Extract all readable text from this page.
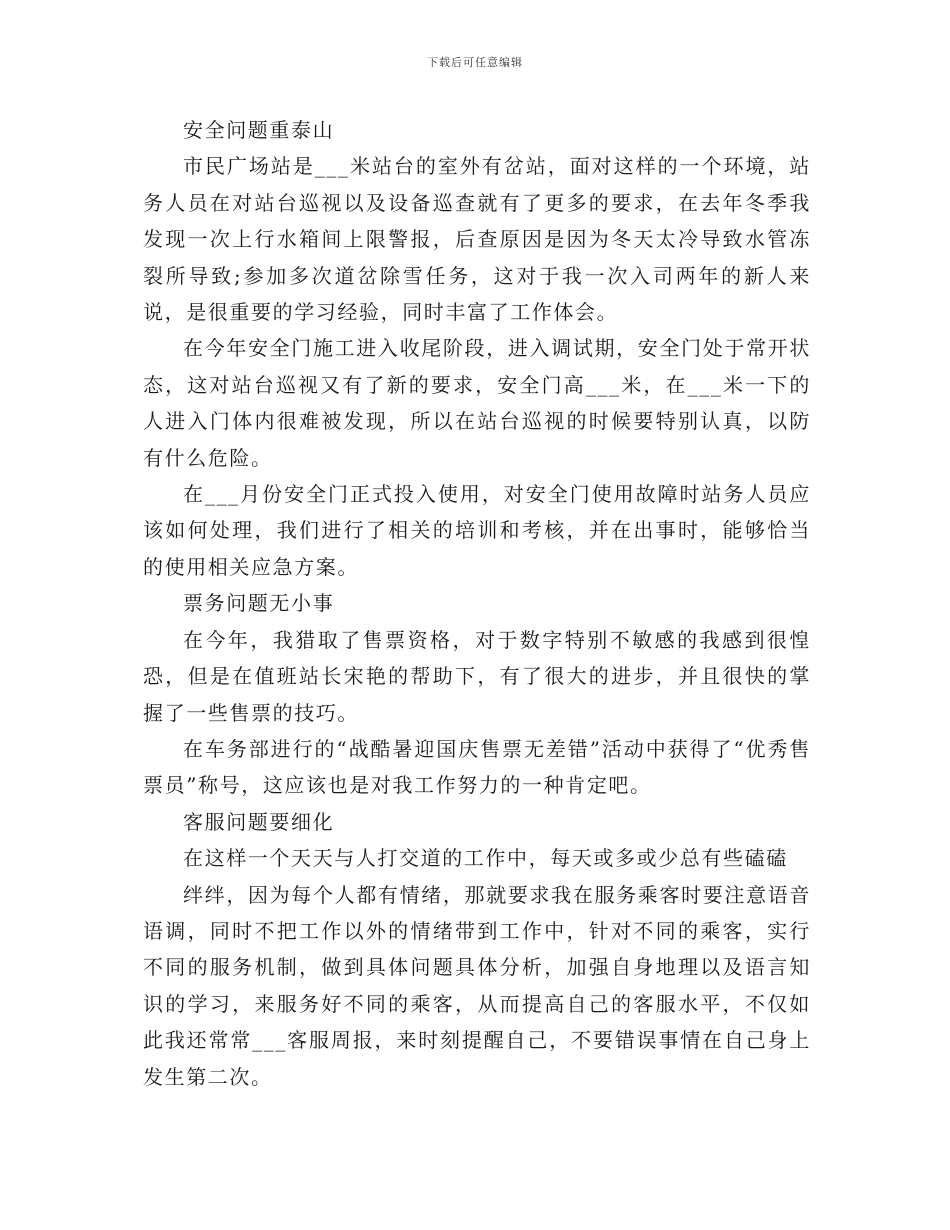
下载后可任意编辑

安全问题重泰山

市民广场站是___米站台的室外有岔站，面对这样的一个环境，站务人员在对站台巡视以及设备巡查就有了更多的要求，在去年冬季我发现一次上行水箱间上限警报，后查原因是因为冬天太冷导致水管冻裂所导致;参加多次道岔除雪任务，这对于我一次入司两年的新人来说，是很重要的学习经验，同时丰富了工作体会。

在今年安全门施工进入收尾阶段，进入调试期，安全门处于常开状态，这对站台巡视又有了新的要求，安全门高___米，在___米一下的人进入门体内很难被发现，所以在站台巡视的时候要特别认真，以防有什么危险。

在___月份安全门正式投入使用，对安全门使用故障时站务人员应该如何处理，我们进行了相关的培训和考核，并在出事时，能够恰当的使用相关应急方案。

票务问题无小事

在今年，我猎取了售票资格，对于数字特别不敏感的我感到很惶恐，但是在值班站长宋艳的帮助下，有了很大的进步，并且很快的掌握了一些售票的技巧。

在车务部进行的“战酷暑迎国庆售票无差错”活动中获得了“优秀售票员”称号，这应该也是对我工作努力的一种肯定吧。

客服问题要细化

在这样一个天天与人打交道的工作中，每天或多或少总有些磕磕

绊绊，因为每个人都有情绪，那就要求我在服务乘客时要注意语音语调，同时不把工作以外的情绪带到工作中，针对不同的乘客，实行不同的服务机制，做到具体问题具体分析，加强自身地理以及语言知识的学习，来服务好不同的乘客，从而提高自己的客服水平，不仅如此我还常常___客服周报，来时刻提醒自己，不要错误事情在自己身上发生第二次。
